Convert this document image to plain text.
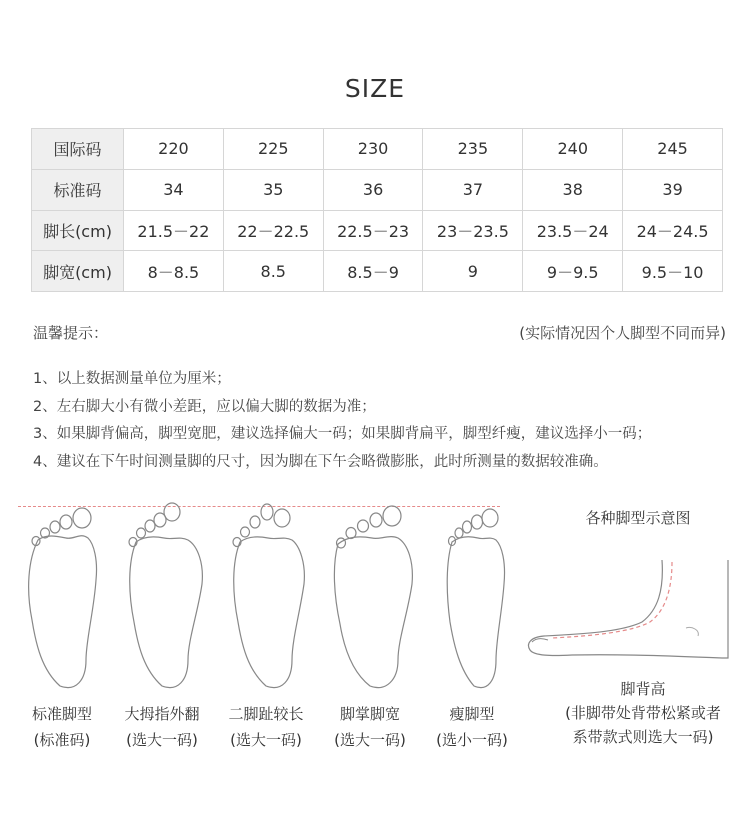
SIZE
国际码	220	225	230	235	240	245
标准码	34	35	36	37	38	39
脚长(cm)	21.5－22	22－22.5	22.5－23	23－23.5	23.5－24	24－24.5
脚宽(cm)	8－8.5	8.5	8.5－9	9	9－9.5	9.5－10
温馨提示：	(实际情况因个人脚型不同而异)
1、以上数据测量单位为厘米；
2、左右脚大小有微小差距，应以偏大脚的数据为准；
3、如果脚背偏高，脚型宽肥，建议选择偏大一码；如果脚背扁平，脚型纤瘦，建议选择小一码；
4、建议在下午时间测量脚的尺寸，因为脚在下午会略微膨胀，此时所测量的数据较准确。
标准脚型
(标准码)
大拇指外翻
(选大一码)
二脚趾较长
(选大一码)
脚掌脚宽
(选大一码)
瘦脚型
(选小一码)
各种脚型示意图
脚背高
(非脚带处背带松紧或者
系带款式则选大一码)
